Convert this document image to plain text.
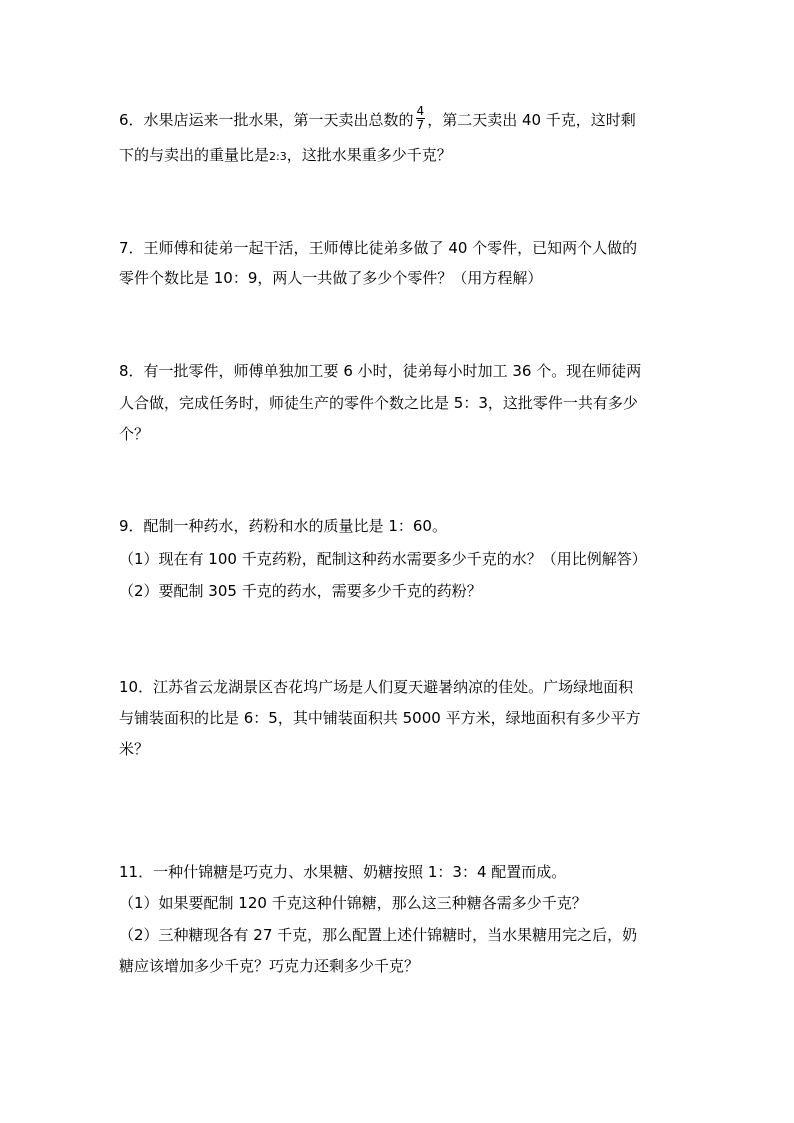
6．水果店运来一批水果，第一天卖出总数的 $\frac{4}{7}$ ，第二天卖出 40 千克，这时剩
下的与卖出的重量比是2:3，这批水果重多少千克？
7．王师傅和徒弟一起干活，王师傅比徒弟多做了 40 个零件，已知两个人做的
零件个数比是 10：9，两人一共做了多少个零件？（用方程解）
8．有一批零件，师傅单独加工要 6 小时，徒弟每小时加工 36 个。现在师徒两
人合做，完成任务时，师徒生产的零件个数之比是 5：3，这批零件一共有多少
个？
9．配制一种药水，药粉和水的质量比是 1：60。
（1）现在有 100 千克药粉，配制这种药水需要多少千克的水？（用比例解答）
（2）要配制 305 千克的药水，需要多少千克的药粉？
10．江苏省云龙湖景区杏花坞广场是人们夏天避暑纳凉的佳处。广场绿地面积
与铺装面积的比是 6：5，其中铺装面积共 5000 平方米，绿地面积有多少平方
米？
11．一种什锦糖是巧克力、水果糖、奶糖按照 1：3：4 配置而成。
（1）如果要配制 120 千克这种什锦糖，那么这三种糖各需多少千克？
（2）三种糖现各有 27 千克，那么配置上述什锦糖时，当水果糖用完之后，奶
糖应该增加多少千克？巧克力还剩多少千克？
